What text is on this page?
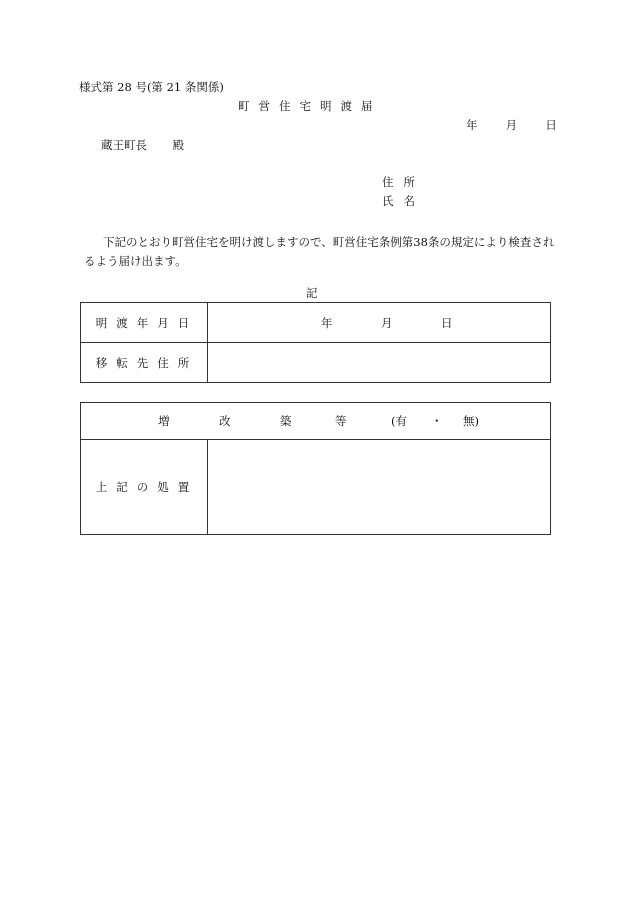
様式第 28 号(第 21 条関係)
町営住宅明渡届
年 月 日
蔵王町長 殿
住所
氏名
下記のとおり町営住宅を明け渡しますので、町営住宅条例第38条の規定により検査されるよう届け出ます。
記
明渡年月日	年 月 日

移転先住所	
増	改	築	等	(有	・	無)

上記の処置	
